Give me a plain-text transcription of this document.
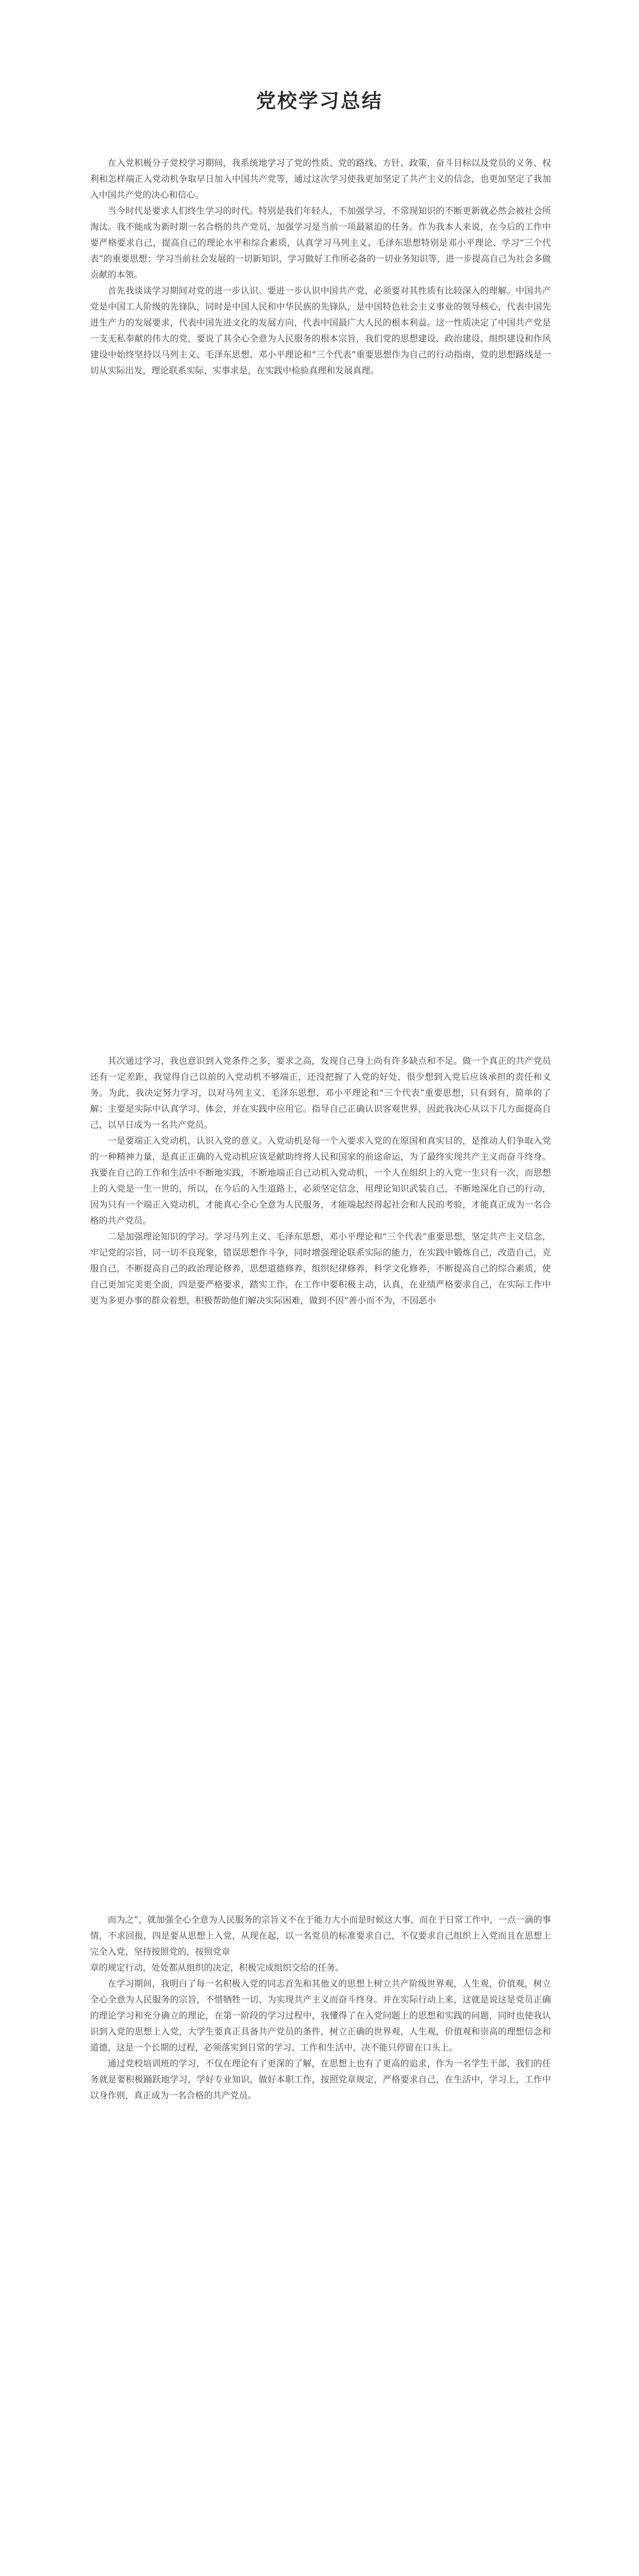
党校学习总结

在入党积极分子党校学习期间，我系统地学习了党的性质、党的路线、方针、政策，奋斗目标以及党员的义务、权利和怎样端正入党动机争取早日加入中国共产党等，通过这次学习使我更加坚定了共产主义的信念，也更加坚定了我加入中国共产党的决心和信心。

当今时代是要求人们终生学习的时代。特别是我们年轻人，不加强学习，不常现知识的不断更新就必然会被社会所淘汰。我不能成为新时期一名合格的共产党员，加强学习是当前一项最紧迫的任务。作为我本人来说，在今后的工作中要严格要求自己，提高自己的理论水平和综合素质，认真学习马列主义、毛泽东思想特别是邓小平理论、学习“三个代表”的重要思想；学习当前社会发展的一切新知识，学习做好工作所必备的一切业务知识等，进一步提高自己为社会多做贡献的本领。

首先我谈谈学习期间对党的进一步认识。要进一步认识中国共产党，必须要对其性质有比较深入的理解。中国共产党是中国工人阶级的先锋队，同时是中国人民和中华民族的先锋队，是中国特色社会主义事业的领导核心，代表中国先进生产力的发展要求，代表中国先进文化的发展方向，代表中国最广大人民的根本利益。这一性质决定了中国共产党是一支无私奉献的伟大的党，要说了其全心全意为人民服务的根本宗旨，我们党的思想建设、政治建设、组织建设和作风建设中始终坚持以马列主义、毛泽东思想、邓小平理论和“三个代表”重要思想作为自己的行动指南，党的思想路线是一切从实际出发，理论联系实际，实事求是，在实践中检验真理和发展真理。

其次通过学习，我也意识到入党条件之多，要求之高，发现自己身上尚有许多缺点和不足。做一个真正的共产党员还有一定差距，我觉得自己以前的入党动机不够端正，还没把握了入党的好处，很少想到入党后应该承担的责任和义务。为此，我决定努力学习，以对马列主义、毛泽东思想、邓小平理论和“三个代表”重要思想，只有到有，简单的了解；主要是实际中认真学习、体会，并在实践中应用它。指导自己正确认识客观世界，因此我决心从以下几方面提高自己，以早日成为一名共产党员。

一是要端正入党动机，认识入党的意义。入党动机是每一个入要求入党的在原国和真实目的，是推动人们争取入党的一种精神力量，是真正正确的入党动机应该是献助终将人民和国家的前途命运，为了最终实现共产主义而奋斗终身。我要在自己的工作和生活中不断地实践，不断地端正自己动机入党动机，一个人在组织上的入党一生只有一次，而思想上的入党是一生一世的，所以，在今后的入生道路上，必须坚定信念，用理论知识武装自己，不断地深化自己的行动，因为只有一个端正入党动机，才能真心全心全意为人民服务，才能端起经得起社会和人民的考验，才能真正成为一名合格的共产党员。

二是加强理论知识的学习。学习马列主义、毛泽东思想，邓小平理论和“三个代表”重要思想，坚定共产主义信念，牢记党的宗旨，同一切不良现象，错误思想作斗争，同时增强理论联系实际的能力，在实践中锻炼自己，改造自己，克服自己，不断提高自己的政治理论修养，思想道德修养，组织纪律修养，科学文化修养，不断提高自己的综合素质，使自己更加完美更全面，四是要严格要求，踏实工作，在工作中要积极主动，认真，在业绩严格要求自己，在实际工作中更为多更办事的群众着想，积极帮助他们解决实际困难，做到不因“善小而不为，不因恶小

而为之”，就加强全心全意为人民服务的宗旨义不在于能力大小而是时候这大事，而在于日常工作中，一点一滴的事情，不求回报，四是要从思想上入党，从现在起，以一名党员的标准要求自己，不仅要求自己组织上入党而且在思想上完全入党，坚持按照党的，按照党章

章的规定行动，处处都从组织的决定，积极完成组织交给的任务。

在学习期间，我明白了每一名积极入党的同志首先和其他义的思想上树立共产阶级世界观，人生观，价值观，树立全心全意为人民服务的宗旨，不惜牺牲一切、为实现共产主义而奋斗终身。并在实际行动上来，这就是说这是党员正确的理论学习和充分确立的理论，在第一阶段的学习过程中，我懂得了在入党问题上的思想和实践的问题，同时也使我认识到入党的思想上入党，大学生要真正具备共产党员的条件，树立正确的世界观，人生观，价值观和崇高的理想信念和道德，这是一个长期的过程，必须落实到日常的学习、工作和生活中，决不能只停留在口头上。

通过党校培训班的学习，不仅在理论有了更深的了解，在思想上也有了更高的追求，作为一名学生干部，我们的任务就是要积极踊跃地学习，学好专业知识，做好本职工作，按照党章规定，严格要求自己，在生活中，学习上，工作中以身作则，真正成为一名合格的共产党员。
